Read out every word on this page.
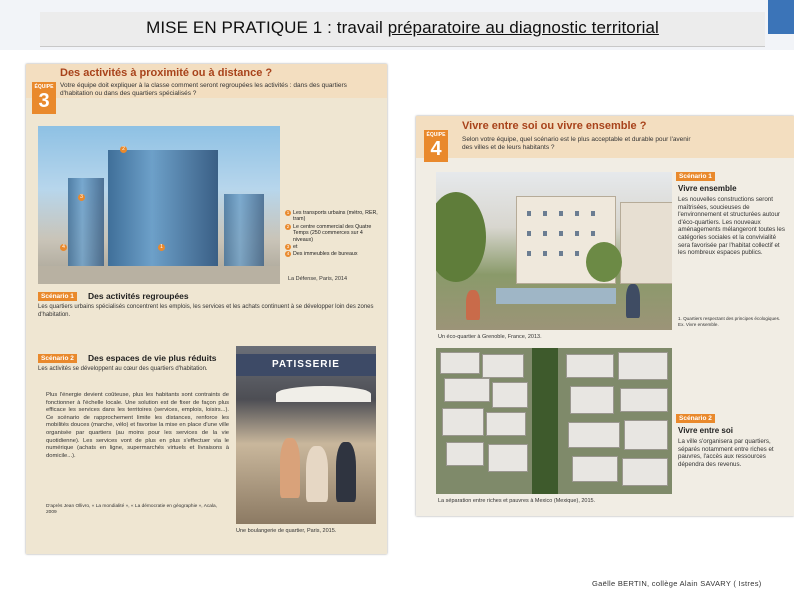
MISE EN PRATIQUE 1 : travail préparatoire au diagnostic territorial
ÉQUIPE
3
Des activités à proximité ou à distance ?
Votre équipe doit expliquer à la classe comment seront regroupées les activités : dans des quartiers d'habitation ou dans des quartiers spécialisés ?
2
3
1
4
1 Les transports urbains (métro, RER, tram)
2 Le centre commercial des Quatre Temps (250 commerces sur 4 niveaux)
3 et
4 Des immeubles de bureaux
La Défense, Paris, 2014
Scénario 1	Des activités regroupées
Les quartiers urbains spécialisés concentrent les emplois, les services et les achats continuent à se développer loin des zones d'habitation.
Scénario 2	Des espaces de vie plus réduits
Les activités se développent au cœur des quartiers d'habitation.
Plus l'énergie devient coûteuse, plus les habitants sont contraints de fonctionner à l'échelle locale. Une solution est de fixer de façon plus efficace les services dans les territoires (services, emplois, loisirs...). Ce scénario de rapprochement limite les distances, renforce les mobilités douces (marche, vélo) et favorise la mise en place d'une ville organisée par quartiers (au moins pour les services de la vie quotidienne). Les services vont de plus en plus s'effectuer via le numérique (achats en ligne, supermarchés virtuels et livraisons à domicile...).
D'après Jean Ollivro, « La mondialité », « La démocratie en géographie », Acala, 2009
PATISSERIE
Une boulangerie de quartier, Paris, 2015.
ÉQUIPE
4
Vivre entre soi ou vivre ensemble ?
Selon votre équipe, quel scénario est le plus acceptable et durable pour l'avenir des villes et de leurs habitants ?
Un éco-quartier à Grenoble, France, 2013.
Scénario 1
Vivre ensemble
Les nouvelles constructions seront maîtrisées, soucieuses de l'environnement et structurées autour d'éco-quartiers. Les nouveaux aménagements mélangeront toutes les catégories sociales et la convivialité sera favorisée par l'habitat collectif et les nombreux espaces publics.
1. Quartiers respectant des principes écologiques. Ex. Vivre ensemble.
La séparation entre riches et pauvres à Mexico (Mexique), 2015.
Scénario 2
Vivre entre soi
La ville s'organisera par quartiers, séparés notamment entre riches et pauvres, l'accès aux ressources dépendra des revenus.
Gaëlle BERTIN, collège Alain SAVARY ( Istres)
